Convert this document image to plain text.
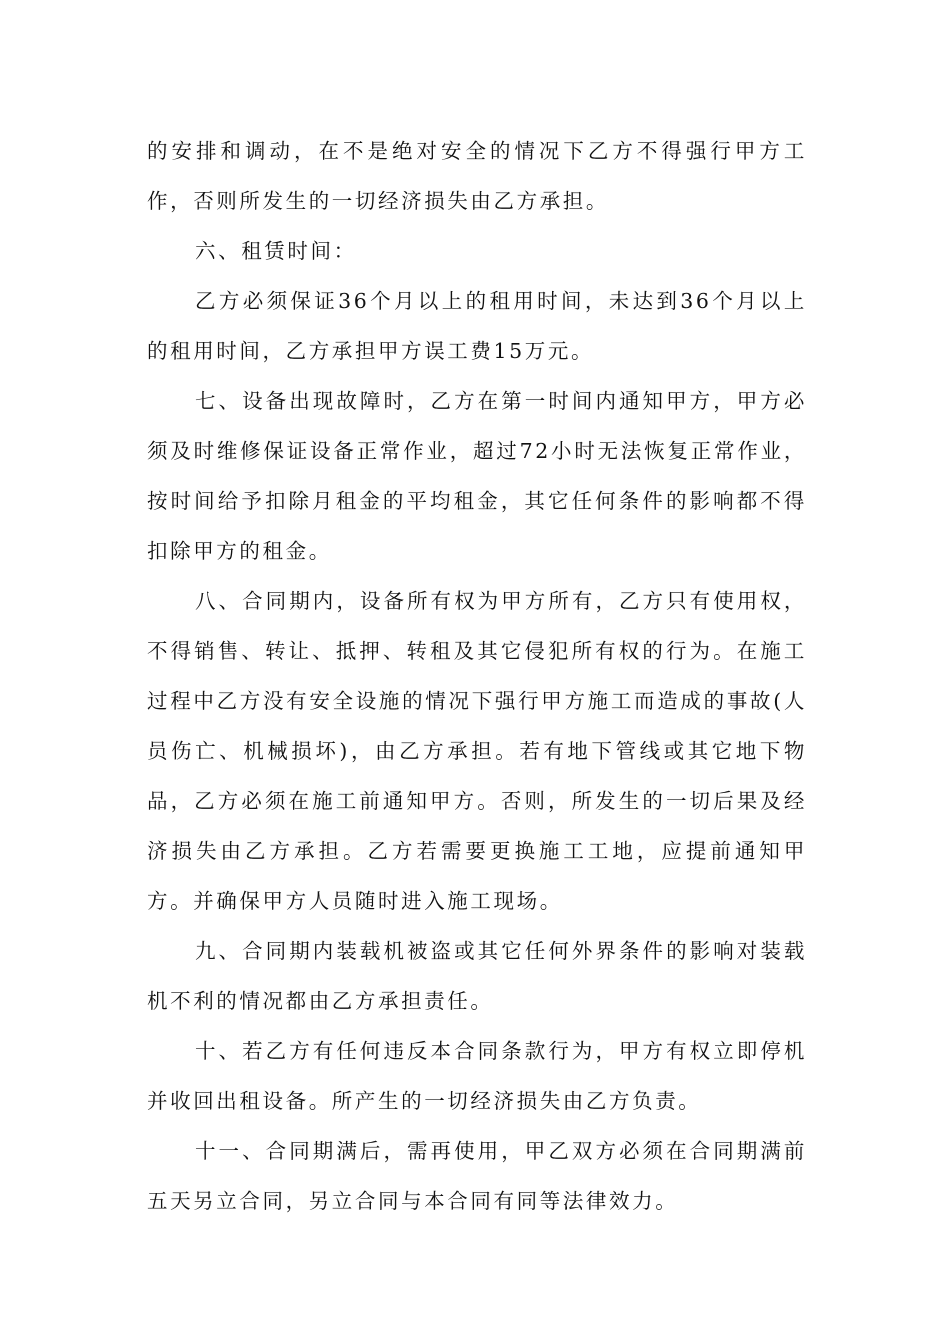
的安排和调动，在不是绝对安全的情况下乙方不得强行甲方工作，否则所发生的一切经济损失由乙方承担。

六、租赁时间：

乙方必须保证36个月以上的租用时间，未达到36个月以上的租用时间，乙方承担甲方误工费15万元。

七、设备出现故障时，乙方在第一时间内通知甲方，甲方必须及时维修保证设备正常作业，超过72小时无法恢复正常作业，按时间给予扣除月租金的平均租金，其它任何条件的影响都不得扣除甲方的租金。

八、合同期内，设备所有权为甲方所有，乙方只有使用权，不得销售、转让、抵押、转租及其它侵犯所有权的行为。在施工过程中乙方没有安全设施的情况下强行甲方施工而造成的事故(人员伤亡、机械损坏)，由乙方承担。若有地下管线或其它地下物品，乙方必须在施工前通知甲方。否则，所发生的一切后果及经济损失由乙方承担。乙方若需要更换施工工地，应提前通知甲方。并确保甲方人员随时进入施工现场。

九、合同期内装载机被盗或其它任何外界条件的影响对装载机不利的情况都由乙方承担责任。

十、若乙方有任何违反本合同条款行为，甲方有权立即停机并收回出租设备。所产生的一切经济损失由乙方负责。

十一、合同期满后，需再使用，甲乙双方必须在合同期满前五天另立合同，另立合同与本合同有同等法律效力。
